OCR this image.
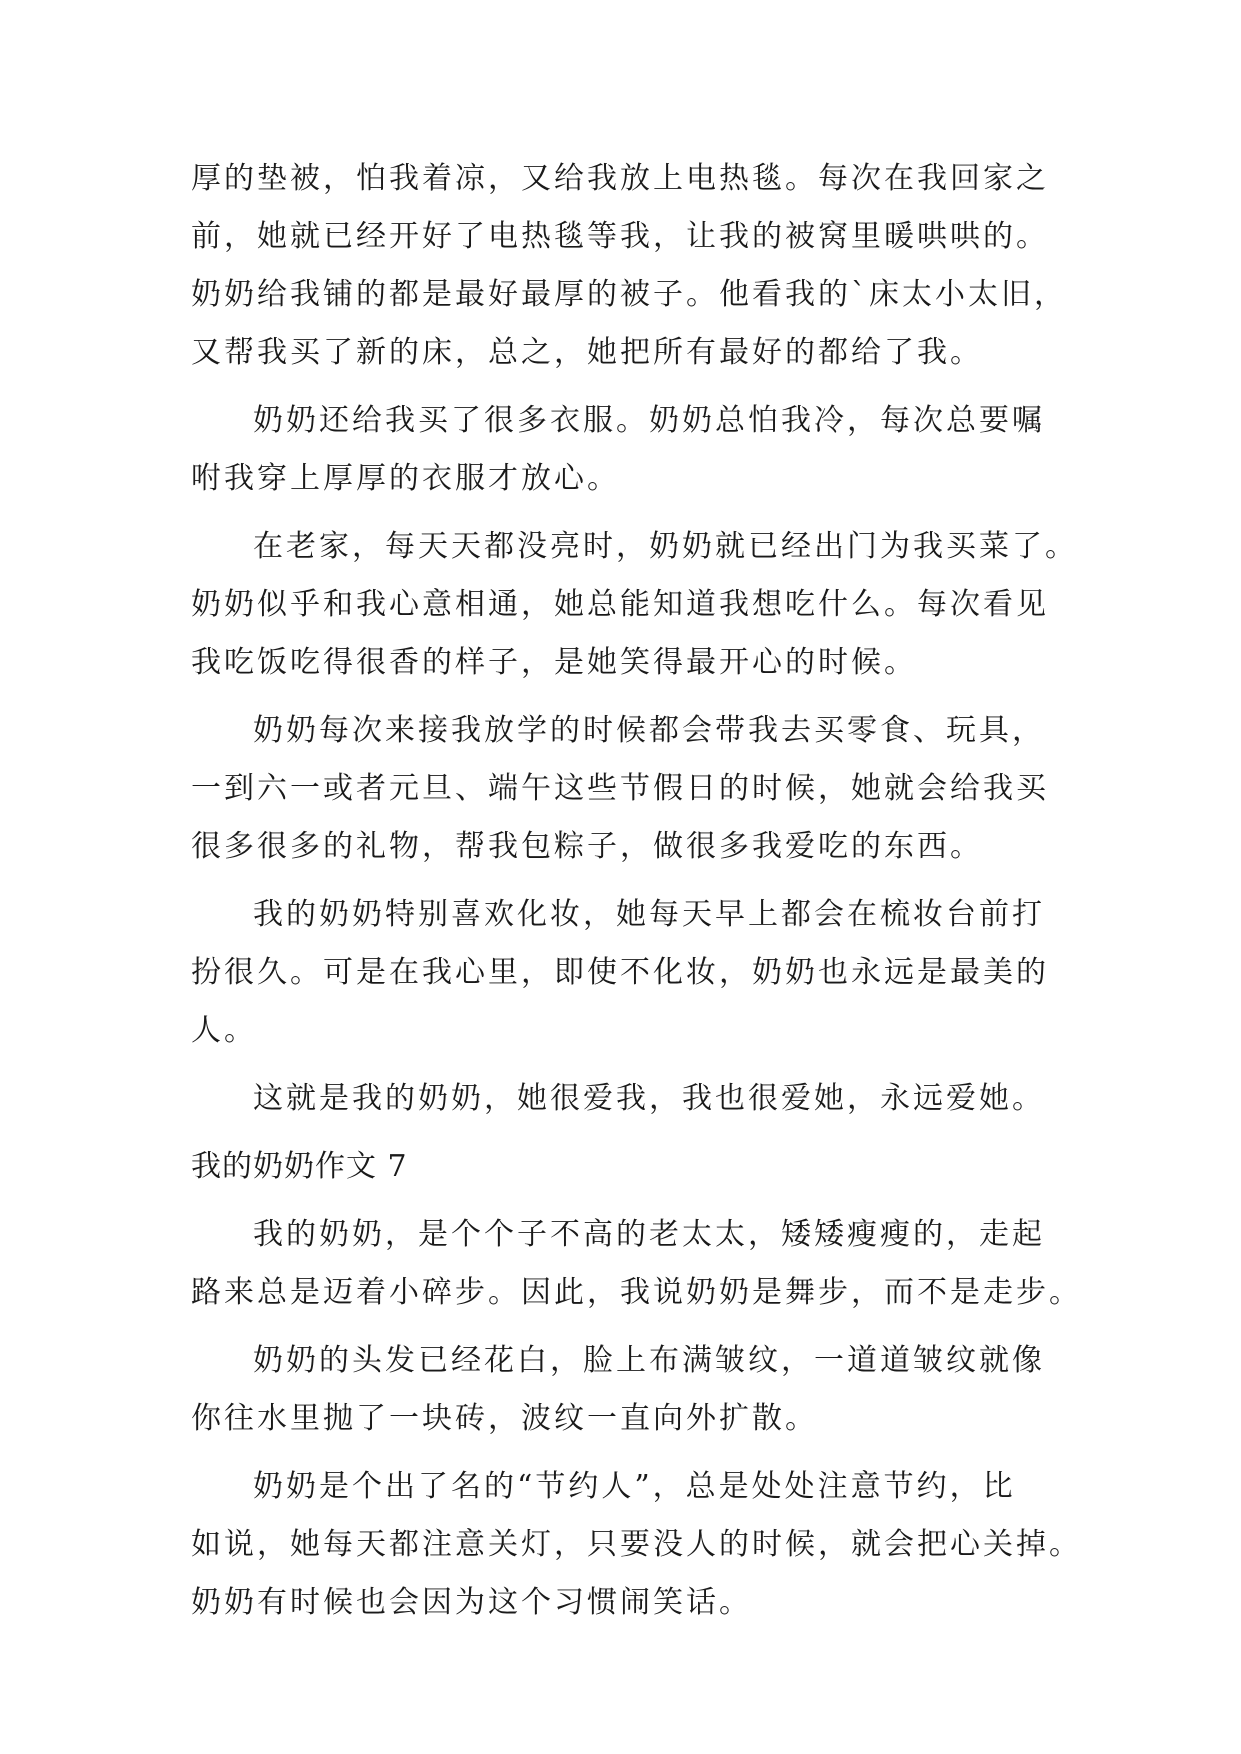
厚的垫被，怕我着凉，又给我放上电热毯。每次在我回家之
前，她就已经开好了电热毯等我，让我的被窝里暖哄哄的。
奶奶给我铺的都是最好最厚的被子。他看我的`床太小太旧，
又帮我买了新的床，总之，她把所有最好的都给了我。
奶奶还给我买了很多衣服。奶奶总怕我冷，每次总要嘱
咐我穿上厚厚的衣服才放心。
在老家，每天天都没亮时，奶奶就已经出门为我买菜了。
奶奶似乎和我心意相通，她总能知道我想吃什么。每次看见
我吃饭吃得很香的样子，是她笑得最开心的时候。
奶奶每次来接我放学的时候都会带我去买零食、玩具，
一到六一或者元旦、端午这些节假日的时候，她就会给我买
很多很多的礼物，帮我包粽子，做很多我爱吃的东西。
我的奶奶特别喜欢化妆，她每天早上都会在梳妆台前打
扮很久。可是在我心里，即使不化妆，奶奶也永远是最美的
人。
这就是我的奶奶，她很爱我，我也很爱她，永远爱她。
我的奶奶作文 7
我的奶奶，是个个子不高的老太太，矮矮瘦瘦的，走起
路来总是迈着小碎步。因此，我说奶奶是舞步，而不是走步。
奶奶的头发已经花白，脸上布满皱纹，一道道皱纹就像
你往水里抛了一块砖，波纹一直向外扩散。
奶奶是个出了名的“节约人”，总是处处注意节约，比
如说，她每天都注意关灯，只要没人的时候，就会把心关掉。
奶奶有时候也会因为这个习惯闹笑话。
